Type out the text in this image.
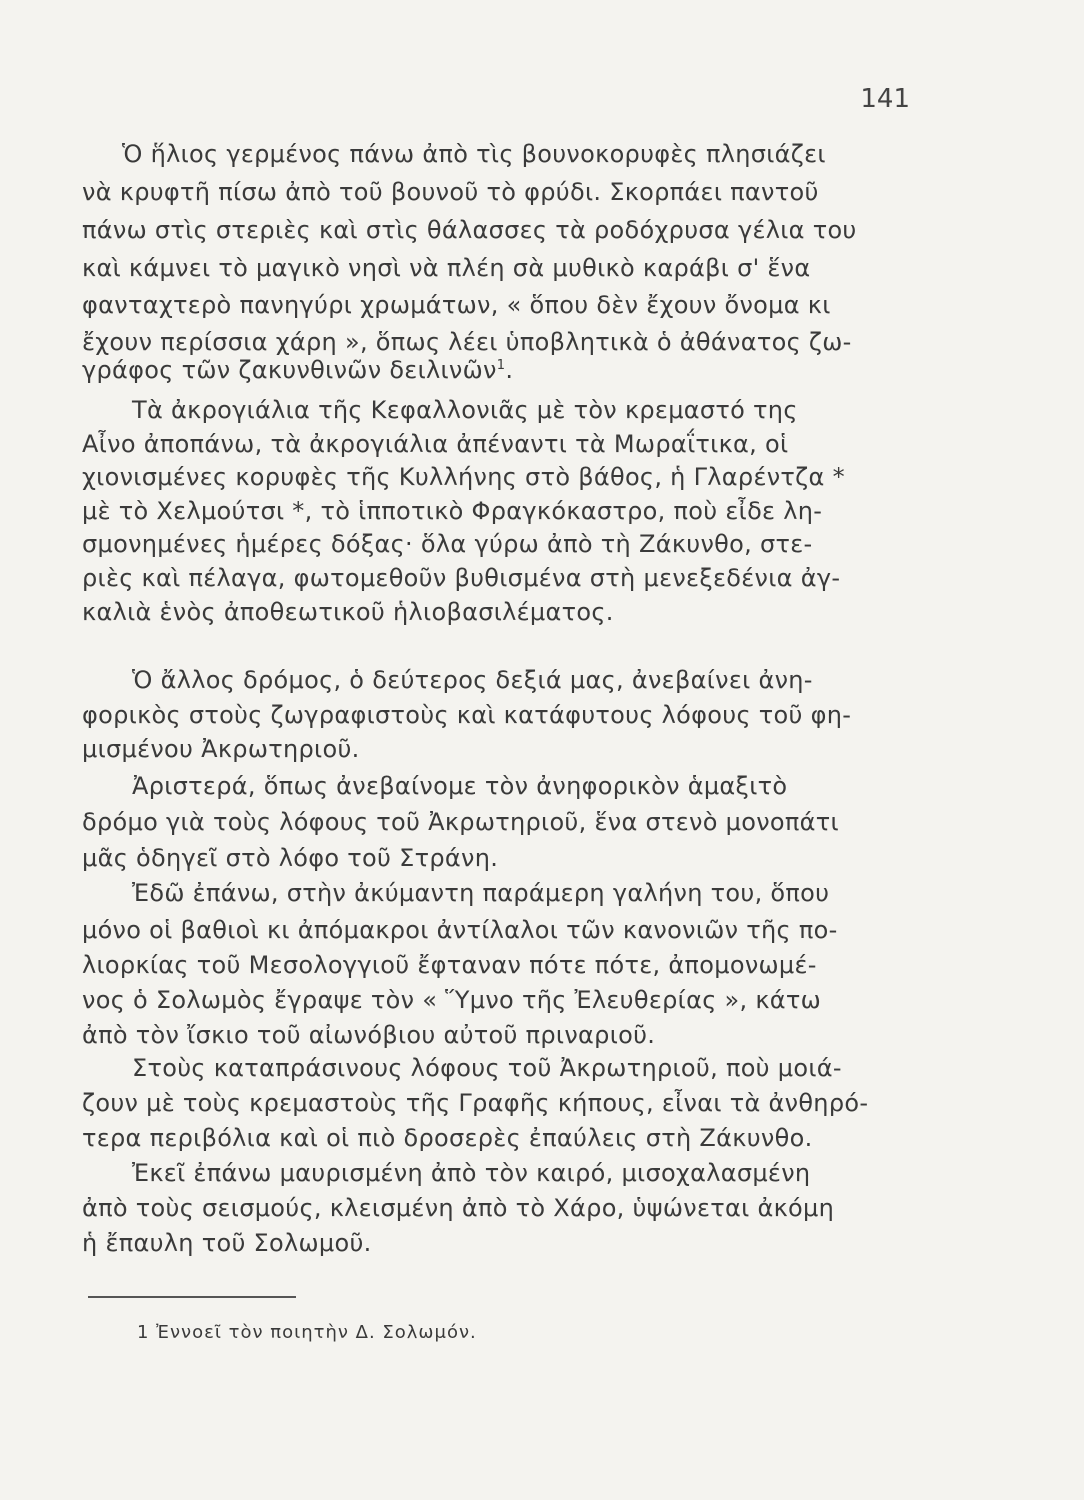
141
Ὁ ἥλιος γερμένος πάνω ἀπὸ τὶς βουνοκορυφὲς πλησιάζει
νὰ κρυφτῆ πίσω ἀπὸ τοῦ βουνοῦ τὸ φρύδι. Σκορπάει παντοῦ
πάνω στὶς στεριὲς καὶ στὶς θάλασσες τὰ ροδόχρυσα γέλια του
καὶ κάμνει τὸ μαγικὸ νησὶ νὰ πλέη σὰ μυθικὸ καράβι σ' ἕνα
φανταχτερὸ πανηγύρι χρωμάτων, « ὅπου δὲν ἔχουν ὄνομα κι
ἔχουν περίσσια χάρη », ὅπως λέει ὑποβλητικὰ ὁ ἀθάνατος ζω-
γράφος τῶν ζακυνθινῶν δειλινῶν$^1$.
Τὰ ἀκρογιάλια τῆς Κεφαλλονιᾶς μὲ τὸν κρεμαστό της
Αἶνο ἀποπάνω, τὰ ἀκρογιάλια ἀπέναντι τὰ Μωραΐτικα, οἱ
χιονισμένες κορυφὲς τῆς Κυλλήνης στὸ βάθος, ἡ Γλαρέντζα *
μὲ τὸ Χελμούτσι *, τὸ ἱπποτικὸ Φραγκόκαστρο, ποὺ εἶδε λη-
σμονημένες ἡμέρες δόξας· ὅλα γύρω ἀπὸ τὴ Ζάκυνθο, στε-
ριὲς καὶ πέλαγα, φωτομεθοῦν βυθισμένα στὴ μενεξεδένια ἀγ-
καλιὰ ἑνὸς ἀποθεωτικοῦ ἡλιοβασιλέματος.
Ὁ ἄλλος δρόμος, ὁ δεύτερος δεξιά μας, ἀνεβαίνει ἀνη-
φορικὸς στοὺς ζωγραφιστοὺς καὶ κατάφυτους λόφους τοῦ φη-
μισμένου Ἀκρωτηριοῦ.
Ἀριστερά, ὅπως ἀνεβαίνομε τὸν ἀνηφορικὸν ἁμαξιτὸ
δρόμο γιὰ τοὺς λόφους τοῦ Ἀκρωτηριοῦ, ἕνα στενὸ μονοπάτι
μᾶς ὁδηγεῖ στὸ λόφο τοῦ Στράνη.
Ἐδῶ ἐπάνω, στὴν ἀκύμαντη παράμερη γαλήνη του, ὅπου
μόνο οἱ βαθιοὶ κι ἀπόμακροι ἀντίλαλοι τῶν κανονιῶν τῆς πο-
λιορκίας τοῦ Μεσολογγιοῦ ἔφταναν πότε πότε, ἀπομονωμέ-
νος ὁ Σολωμὸς ἔγραψε τὸν « Ὕμνο τῆς Ἐλευθερίας », κάτω
ἀπὸ τὸν ἴσκιο τοῦ αἰωνόβιου αὐτοῦ πριναριοῦ.
Στοὺς καταπράσινους λόφους τοῦ Ἀκρωτηριοῦ, ποὺ μοιά-
ζουν μὲ τοὺς κρεμαστοὺς τῆς Γραφῆς κήπους, εἶναι τὰ ἀνθηρό-
τερα περιβόλια καὶ οἱ πιὸ δροσερὲς ἐπαύλεις στὴ Ζάκυνθο.
Ἐκεῖ ἐπάνω μαυρισμένη ἀπὸ τὸν καιρό, μισοχαλασμένη
ἀπὸ τοὺς σεισμούς, κλεισμένη ἀπὸ τὸ Χάρο, ὑψώνεται ἀκόμη
ἡ ἔπαυλη τοῦ Σολωμοῦ.
1 Ἐννοεῖ τὸν ποιητὴν Δ. Σολωμόν.
